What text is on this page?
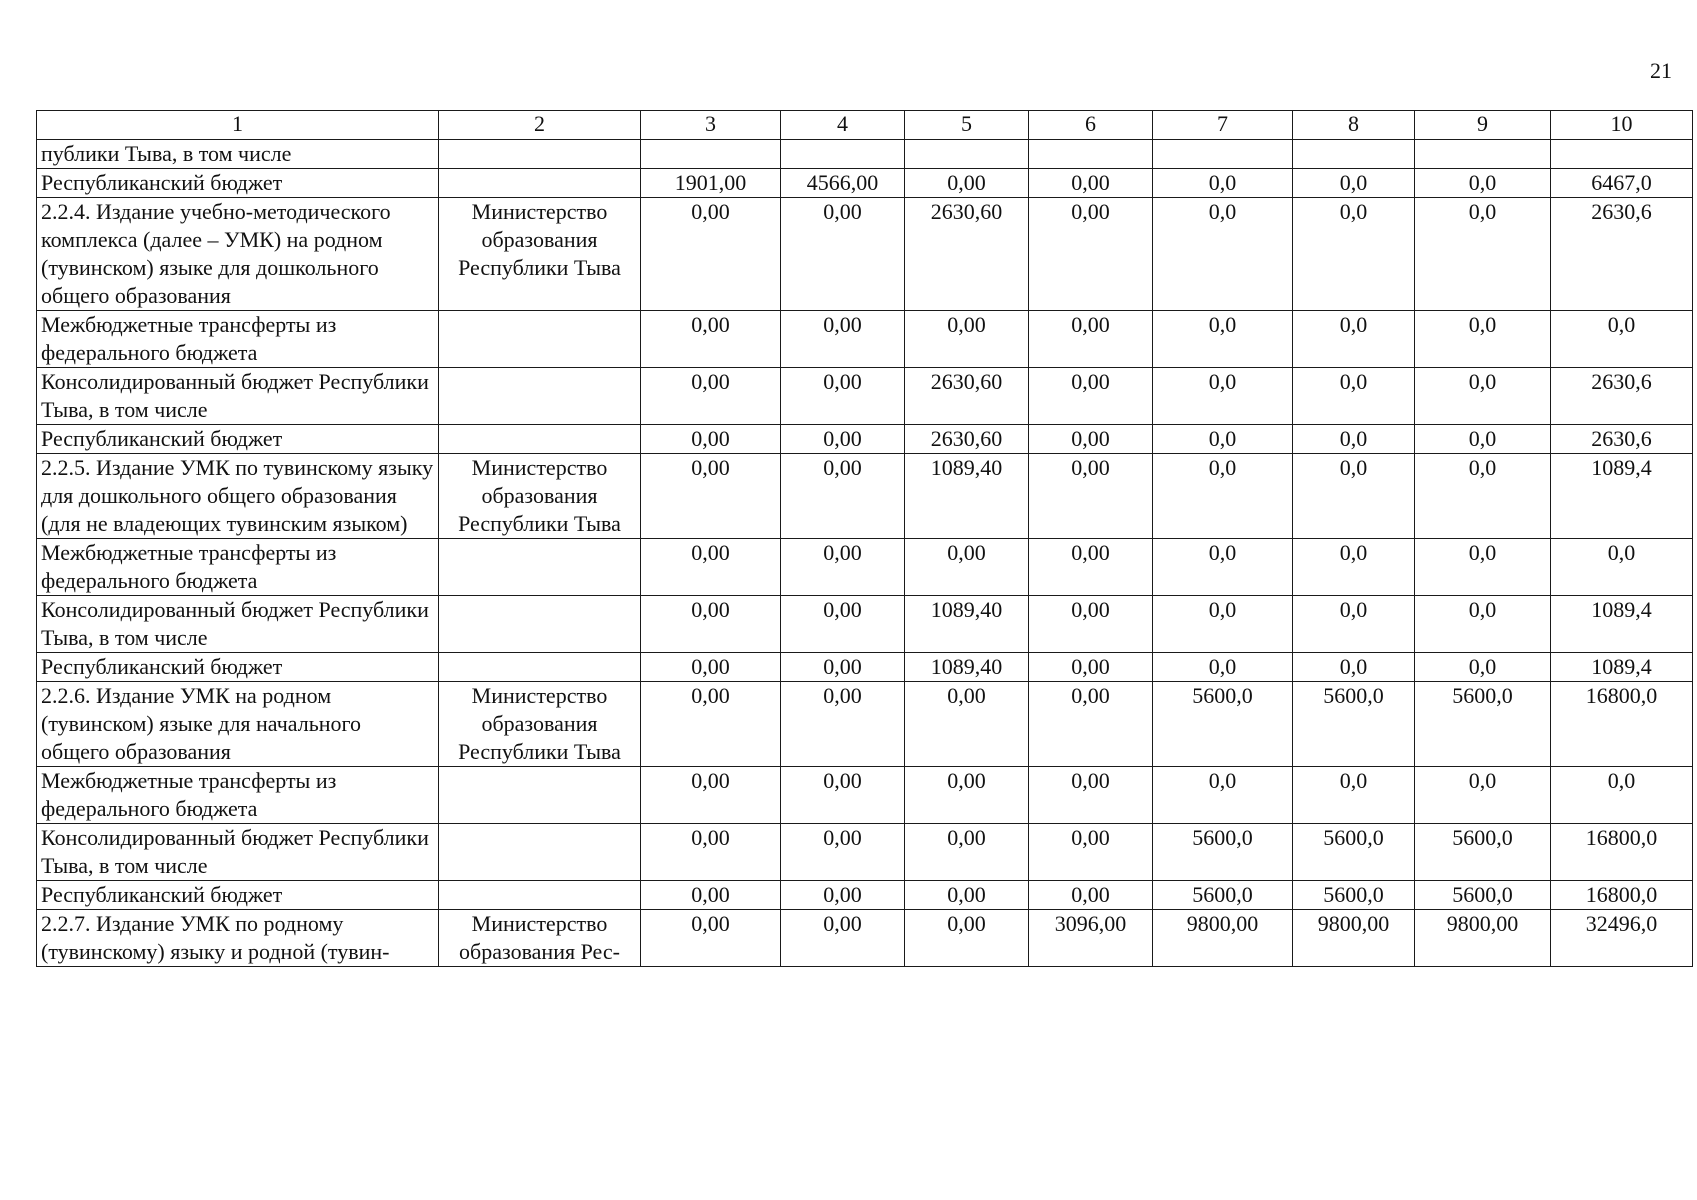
21
1	2	3	4	5	6	7	8	9	10
публики Тыва, в том числе									
Республиканский бюджет		1901,00	4566,00	0,00	0,00	0,0	0,0	0,0	6467,0
2.2.4. Издание учебно-методического комплекса (далее – УМК) на родном (тувинском) языке для дошкольного общего образования	Министерство образования Республики Тыва	0,00	0,00	2630,60	0,00	0,0	0,0	0,0	2630,6
Межбюджетные трансферты из федерального бюджета		0,00	0,00	0,00	0,00	0,0	0,0	0,0	0,0
Консолидированный бюджет Республики Тыва, в том числе		0,00	0,00	2630,60	0,00	0,0	0,0	0,0	2630,6
Республиканский бюджет		0,00	0,00	2630,60	0,00	0,0	0,0	0,0	2630,6
2.2.5. Издание УМК по тувинскому языку для дошкольного общего образования (для не владеющих тувинским языком)	Министерство образования Республики Тыва	0,00	0,00	1089,40	0,00	0,0	0,0	0,0	1089,4
Межбюджетные трансферты из федерального бюджета		0,00	0,00	0,00	0,00	0,0	0,0	0,0	0,0
Консолидированный бюджет Республики Тыва, в том числе		0,00	0,00	1089,40	0,00	0,0	0,0	0,0	1089,4
Республиканский бюджет		0,00	0,00	1089,40	0,00	0,0	0,0	0,0	1089,4
2.2.6. Издание УМК на родном (тувинском) языке для начального общего образования	Министерство образования Республики Тыва	0,00	0,00	0,00	0,00	5600,0	5600,0	5600,0	16800,0
Межбюджетные трансферты из федерального бюджета		0,00	0,00	0,00	0,00	0,0	0,0	0,0	0,0
Консолидированный бюджет Республики Тыва, в том числе		0,00	0,00	0,00	0,00	5600,0	5600,0	5600,0	16800,0
Республиканский бюджет		0,00	0,00	0,00	0,00	5600,0	5600,0	5600,0	16800,0
2.2.7. Издание УМК по родному (тувинскому) языку и родной (тувин-	Министерство образования Рес-	0,00	0,00	0,00	3096,00	9800,00	9800,00	9800,00	32496,0
